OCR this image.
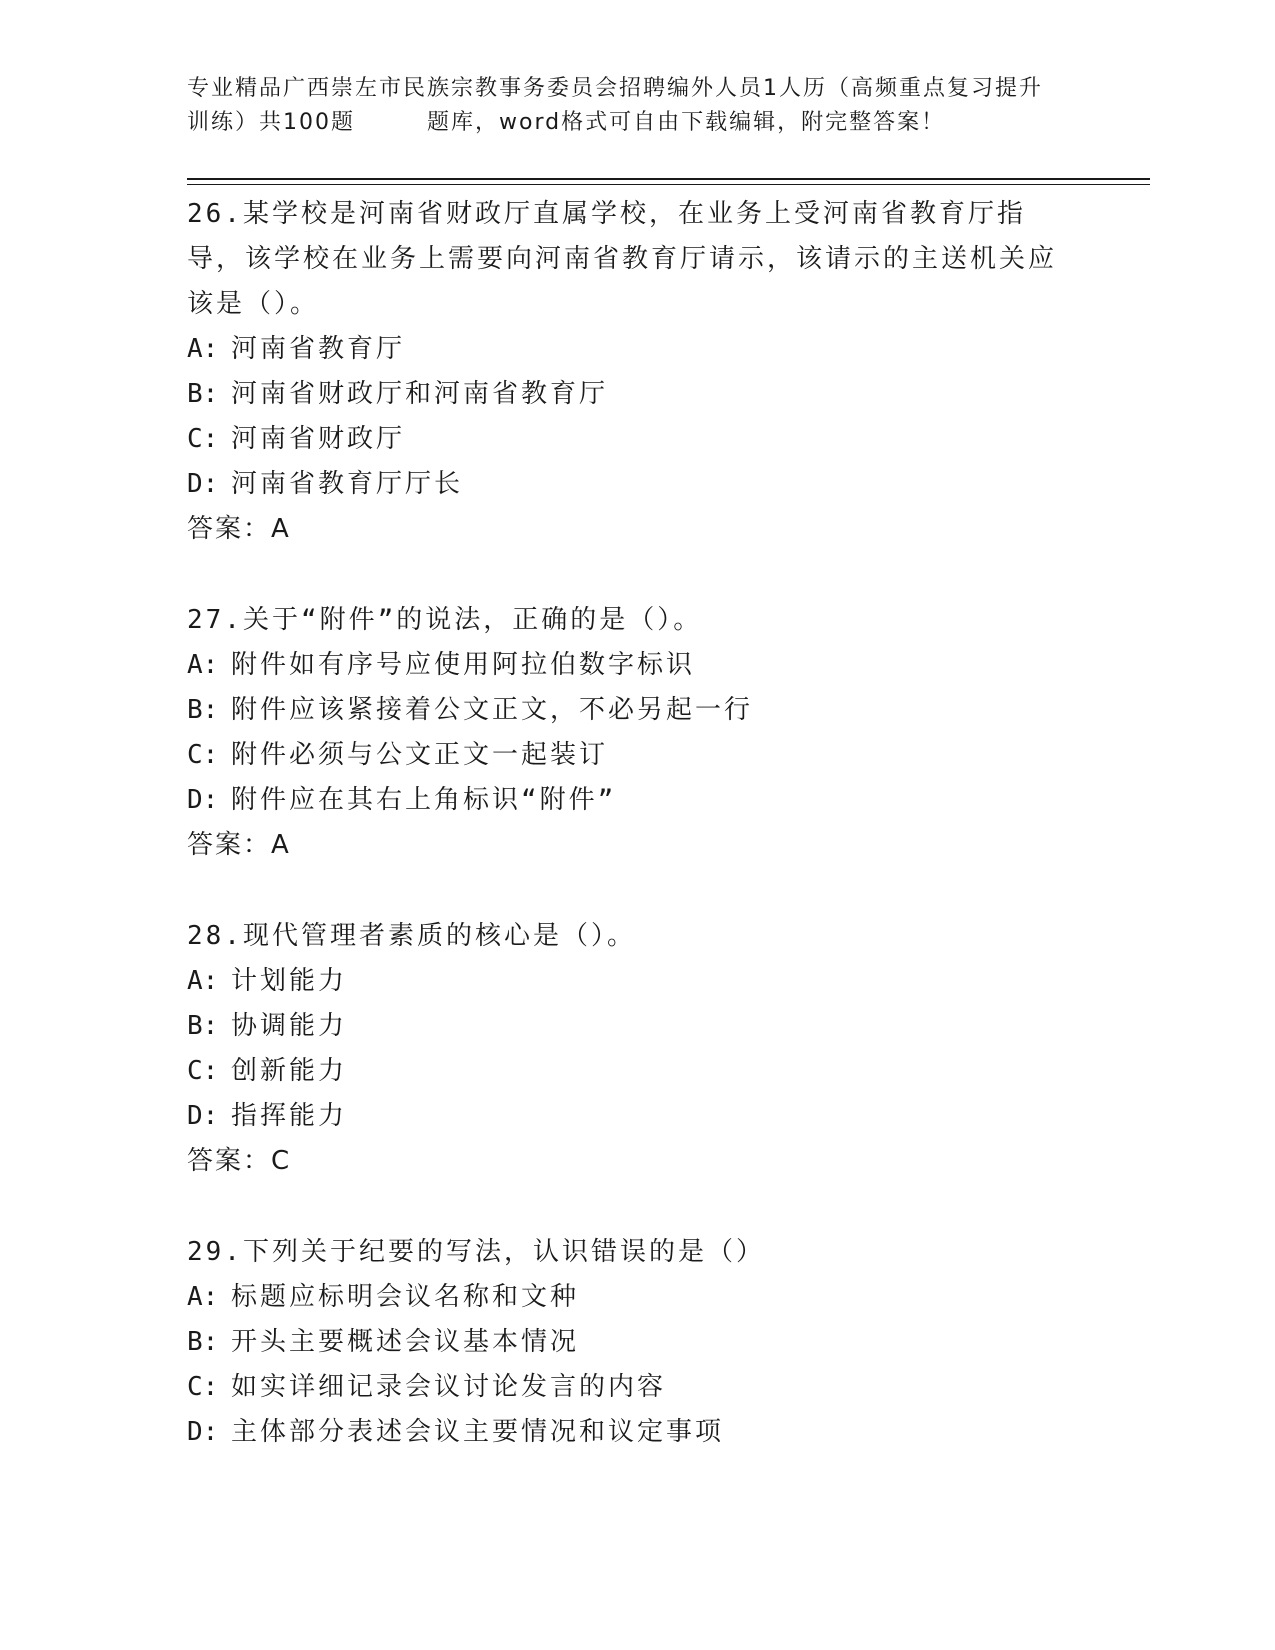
专业精品广西崇左市民族宗教事务委员会招聘编外人员1人历（高频重点复习提升
训练）共100题	题库，word格式可自由下载编辑，附完整答案！

26.某学校是河南省财政厅直属学校，在业务上受河南省教育厅指导，该学校在业务上需要向河南省教育厅请示，该请示的主送机关应该是（）。

A: 河南省教育厅

B: 河南省财政厅和河南省教育厅

C: 河南省财政厅

D: 河南省教育厅厅长

答案：A

27.关于“附件”的说法，正确的是（）。

A: 附件如有序号应使用阿拉伯数字标识

B: 附件应该紧接着公文正文，不必另起一行

C: 附件必须与公文正文一起装订

D: 附件应在其右上角标识“附件”

答案：A

28.现代管理者素质的核心是（）。

A: 计划能力

B: 协调能力

C: 创新能力

D: 指挥能力

答案：C

29.下列关于纪要的写法，认识错误的是（）

A: 标题应标明会议名称和文种

B: 开头主要概述会议基本情况

C: 如实详细记录会议讨论发言的内容

D: 主体部分表述会议主要情况和议定事项
